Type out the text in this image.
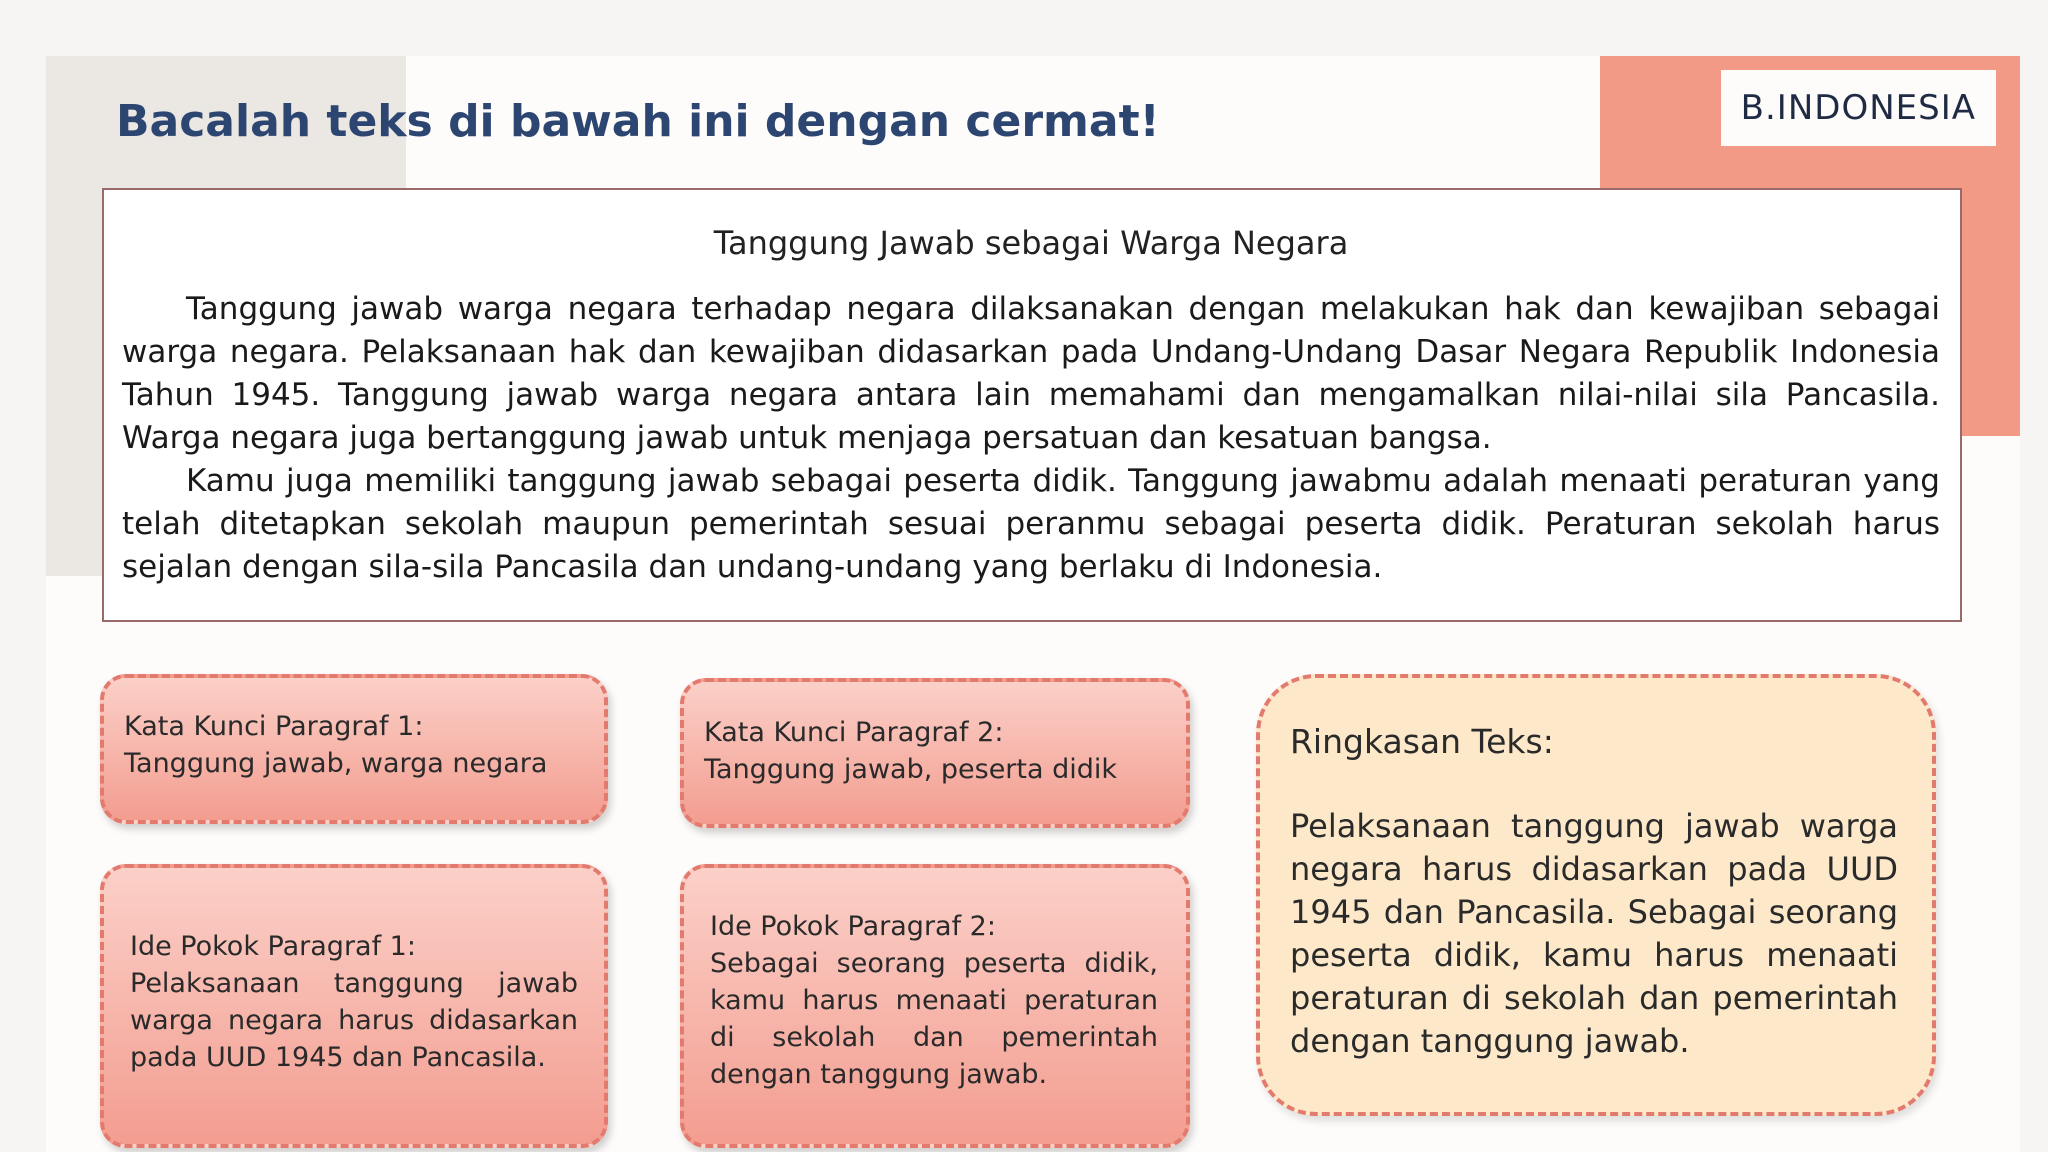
B.INDONESIA
Bacalah teks di bawah ini dengan cermat!
Tanggung Jawab sebagai Warga Negara

Tanggung jawab warga negara terhadap negara dilaksanakan dengan melakukan hak dan kewajiban sebagai warga negara. Pelaksanaan hak dan kewajiban didasarkan pada Undang-Undang Dasar Negara Republik Indonesia Tahun 1945. Tanggung jawab warga negara antara lain memahami dan mengamalkan nilai-nilai sila Pancasila. Warga negara juga bertanggung jawab untuk menjaga persatuan dan kesatuan bangsa.

Kamu juga memiliki tanggung jawab sebagai peserta didik. Tanggung jawabmu adalah menaati peraturan yang telah ditetapkan sekolah maupun pemerintah sesuai peranmu sebagai peserta didik. Peraturan sekolah harus sejalan dengan sila-sila Pancasila dan undang-undang yang berlaku di Indonesia.

Kata Kunci Paragraf 1:
Tanggung jawab, warga negara
Kata Kunci Paragraf 2:
Tanggung jawab, peserta didik
Ide Pokok Paragraf 1:
Pelaksanaan tanggung jawab warga negara harus didasarkan pada UUD 1945 dan Pancasila.
Ide Pokok Paragraf 2:
Sebagai seorang peserta didik, kamu harus menaati peraturan di sekolah dan pemerintah dengan tanggung jawab.
Ringkasan Teks:
Pelaksanaan tanggung jawab warga negara harus didasarkan pada UUD 1945 dan Pancasila. Sebagai seorang peserta didik, kamu harus menaati peraturan di sekolah dan pemerintah dengan tanggung jawab.
